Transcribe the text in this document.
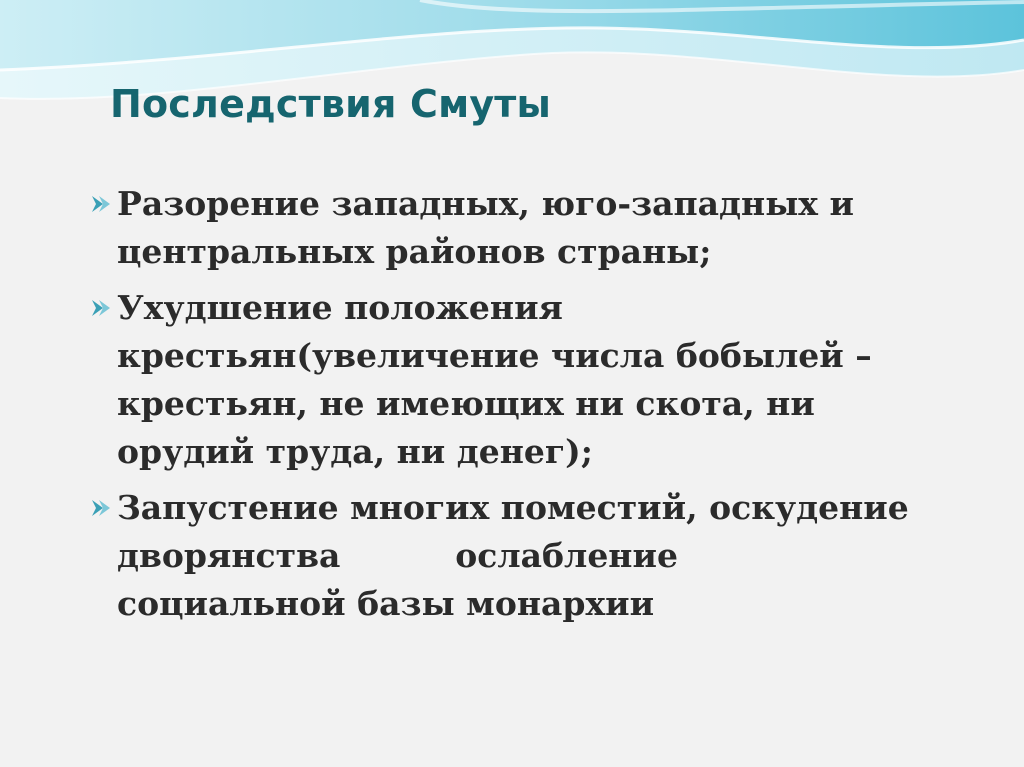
Последствия Смуты
Разорение западных, юго-западных и
центральных районов страны;
Ухудшение положения
крестьян(увеличение числа бобылей –
крестьян, не имеющих ни скота, ни
орудий труда, ни денег);
Запустение многих поместий, оскудение
дворянства          ослабление
социальной базы монархии
